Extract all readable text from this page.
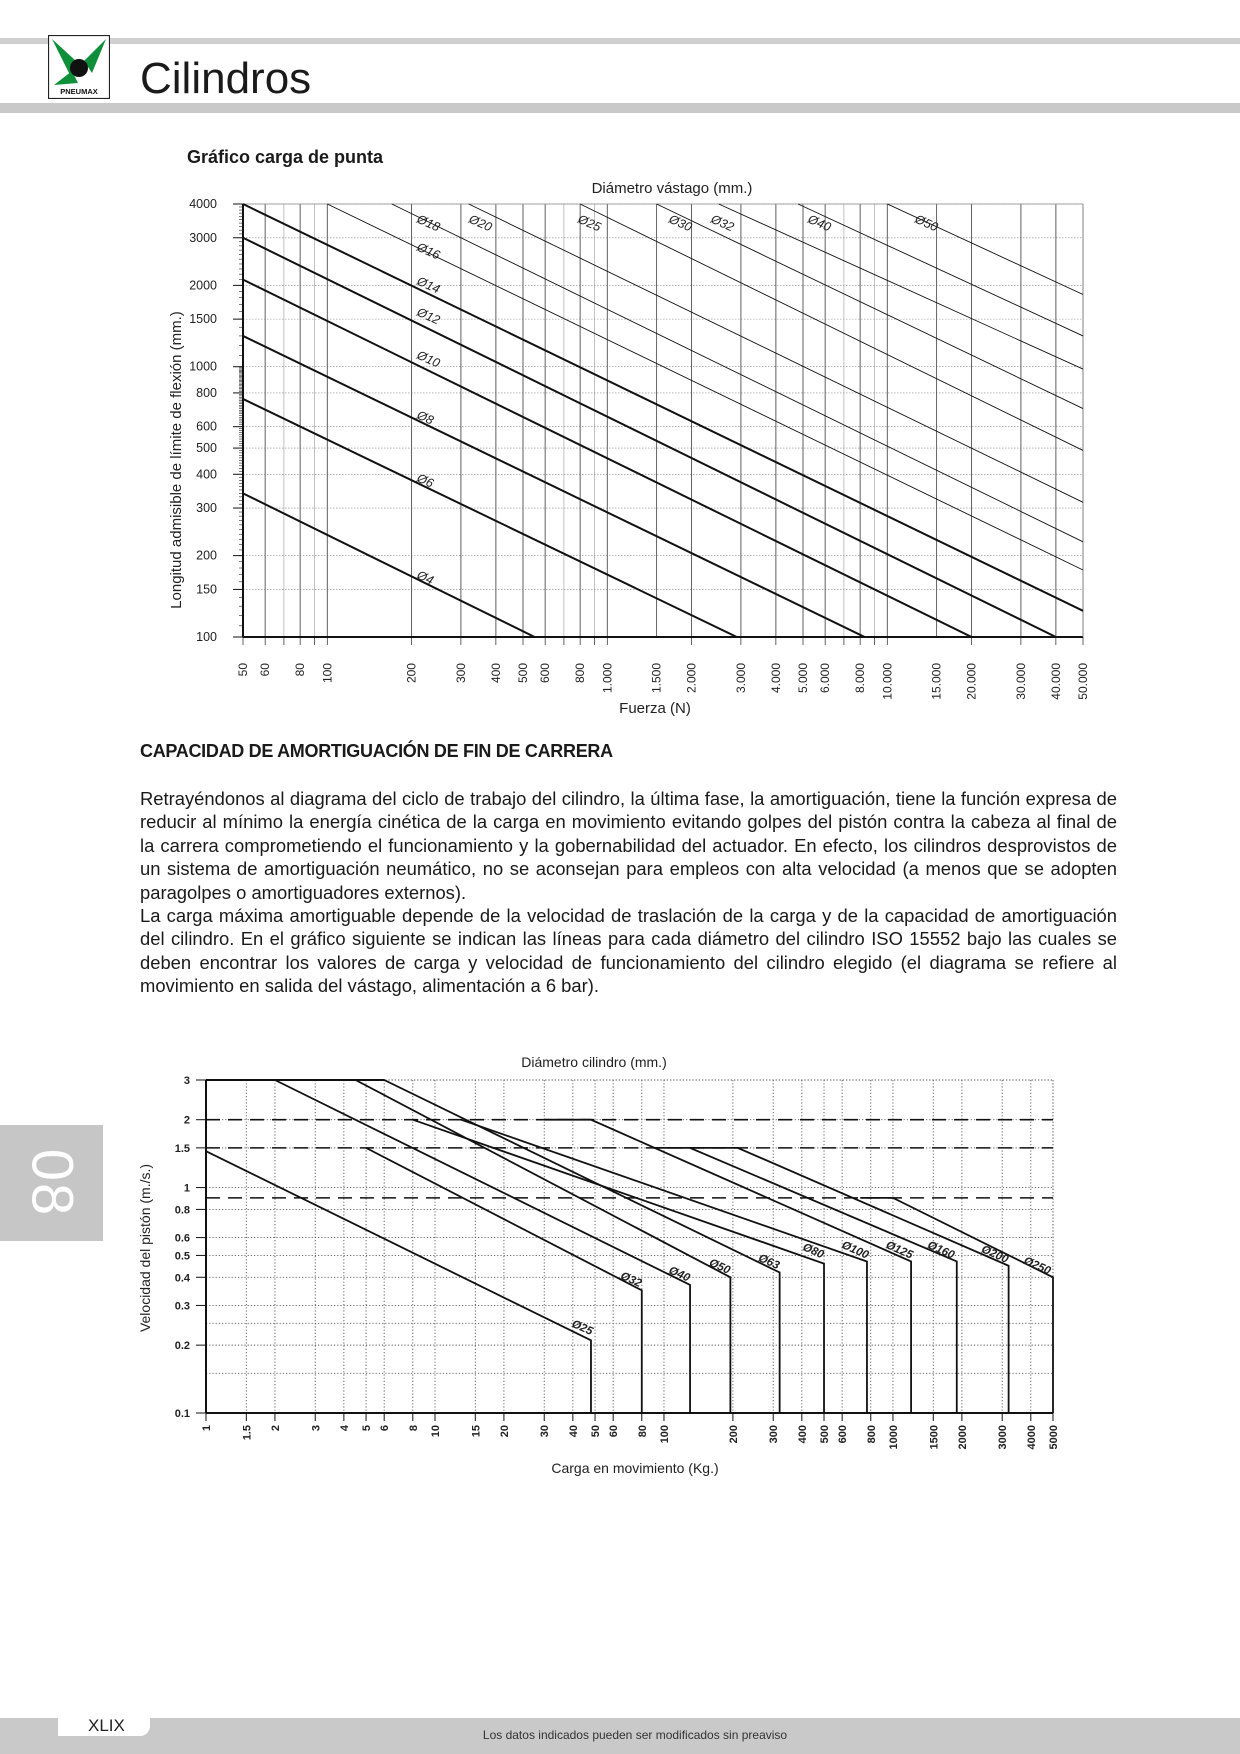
PNEUMAX Cilindros
Gráfico carga de punta
100
150
200
300
400
500
600
800
1000
1500
2000
3000
4000
50 60 80 100	200	300 400 500 600 800 1.000	1.500 2.000	3.000 4.000 5.000 6.000 8.000 10.000	15.000 20.000	30.000 40.000 50.000
Ø4
Ø6
Ø8
Ø10
Ø12
Ø14
Ø16
Ø18 Ø20	Ø25	Ø30 Ø32	Ø40	Ø50
Diámetro vástago (mm.)
Fuerza (N)
Longitud admisible de límite de flexión (mm.)
CAPACIDAD DE AMORTIGUACIÓN DE FIN DE CARRERA

Retrayéndonos al diagrama del ciclo de trabajo del cilindro, la última fase, la amortiguación, tiene la función expresa de reducir al mínimo la energía cinética de la carga en movimiento evitando golpes del pistón contra la cabeza al final de la carrera comprometiendo el funcionamiento y la gobernabilidad del actuador. En efecto, los cilindros desprovistos de un sistema de amortiguación neumático, no se aconsejan para empleos con alta velocidad (a menos que se adopten paragolpes o amortiguadores externos).

La carga máxima amortiguable depende de la velocidad de traslación de la carga y de la capacidad de amortiguación del cilindro. En el gráfico siguiente se indican las líneas para cada diámetro del cilindro ISO 15552 bajo las cuales se deben encontrar los valores de carga y velocidad de funcionamiento del cilindro elegido (el diagrama se refiere al movimiento en salida del vástago, alimentación a 6 bar).

0.1
0.2
0.3
0.4
0.5
0.6
0.8
1
1.5
2
3
1	1.5 2	3 4 5 6 8 10	15 20	30 40 50 60 80 100	200	300 400 500 600 800 1000	1500 2000	3000 4000 5000
Ø25
Ø32 Ø40 Ø50 Ø63
Ø80 Ø100 Ø125 Ø160 Ø200
Ø250
Diámetro cilindro (mm.)
Carga en movimiento (Kg.)
Velocidad del pistón (m./s.)
08
Los datos indicados pueden ser modificados sin preaviso
XLIX
